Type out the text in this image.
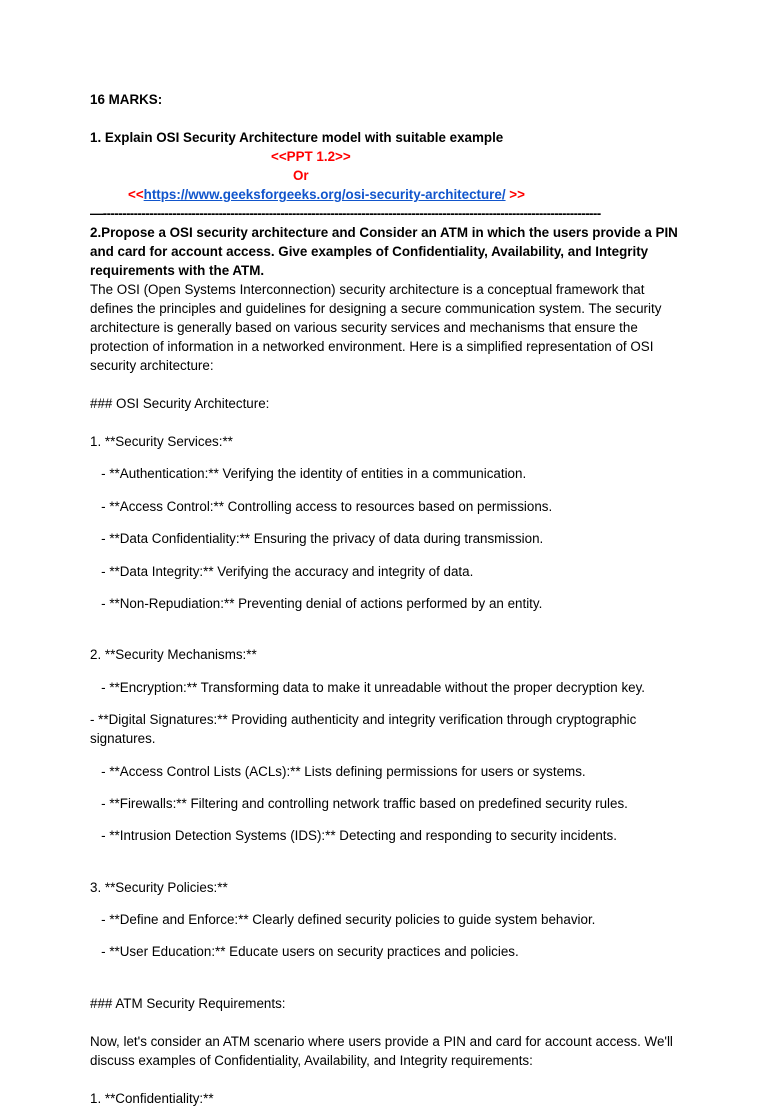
16 MARKS:

1. Explain OSI Security Architecture model with suitable example

<<PPT 1.2>>

Or

<<https://www.geeksforgeeks.org/osi-security-architecture/ >>

—---------------------------------------------------------------------------------------------------------------------------------

2.Propose a OSI security architecture and Consider an ATM in which the users provide a PIN and card for account access. Give examples of Confidentiality, Availability, and Integrity requirements with the ATM.

The OSI (Open Systems Interconnection) security architecture is a conceptual framework that defines the principles and guidelines for designing a secure communication system. The security architecture is generally based on various security services and mechanisms that ensure the protection of information in a networked environment. Here is a simplified representation of OSI security architecture:

### OSI Security Architecture:

1. **Security Services:**

- **Authentication:** Verifying the identity of entities in a communication.

- **Access Control:** Controlling access to resources based on permissions.

- **Data Confidentiality:** Ensuring the privacy of data during transmission.

- **Data Integrity:** Verifying the accuracy and integrity of data.

- **Non-Repudiation:** Preventing denial of actions performed by an entity.

2. **Security Mechanisms:**

- **Encryption:** Transforming data to make it unreadable without the proper decryption key.

- **Digital Signatures:** Providing authenticity and integrity verification through cryptographic signatures.

- **Access Control Lists (ACLs):** Lists defining permissions for users or systems.

- **Firewalls:** Filtering and controlling network traffic based on predefined security rules.

- **Intrusion Detection Systems (IDS):** Detecting and responding to security incidents.

3. **Security Policies:**

- **Define and Enforce:** Clearly defined security policies to guide system behavior.

- **User Education:** Educate users on security practices and policies.

### ATM Security Requirements:

Now, let's consider an ATM scenario where users provide a PIN and card for account access. We'll discuss examples of Confidentiality, Availability, and Integrity requirements:

1. **Confidentiality:**
